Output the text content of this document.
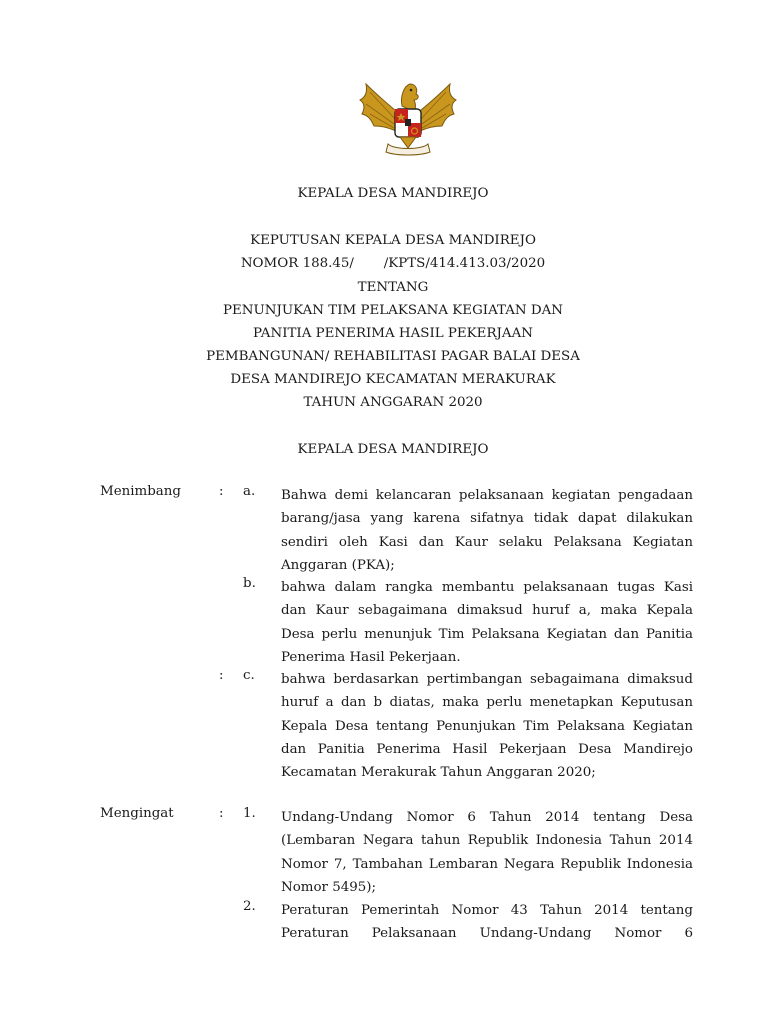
KEPALA DESA MANDIREJO
KEPUTUSAN KEPALA DESA MANDIREJO
NOMOR 188.45/       /KPTS/414.413.03/2020
TENTANG
PENUNJUKAN TIM PELAKSANA KEGIATAN DAN
PANITIA PENERIMA HASIL PEKERJAAN
PEMBANGUNAN/ REHABILITASI PAGAR BALAI DESA
DESA MANDIREJO KECAMATAN MERAKURAK
TAHUN ANGGARAN 2020
KEPALA DESA MANDIREJO
Menimbang	: a. Bahwa demi kelancaran pelaksanaan kegiatan pengadaan barang/jasa yang karena sifatnya tidak dapat dilakukan sendiri oleh Kasi dan Kaur selaku Pelaksana Kegiatan Anggaran (PKA);
b. bahwa dalam rangka membantu pelaksanaan tugas Kasi dan Kaur sebagaimana dimaksud huruf a, maka Kepala Desa perlu menunjuk Tim Pelaksana Kegiatan dan Panitia Penerima Hasil Pekerjaan.
: c. bahwa berdasarkan pertimbangan sebagaimana dimaksud huruf a dan b diatas, maka perlu menetapkan Keputusan Kepala Desa tentang Penunjukan Tim Pelaksana Kegiatan dan Panitia Penerima Hasil Pekerjaan Desa Mandirejo Kecamatan Merakurak Tahun Anggaran 2020;
Mengingat	: 1. Undang-Undang Nomor 6 Tahun 2014 tentang Desa (Lembaran Negara tahun Republik Indonesia Tahun 2014 Nomor 7, Tambahan Lembaran Negara Republik Indonesia Nomor 5495);
2. Peraturan Pemerintah Nomor 43 Tahun 2014 tentang Peraturan Pelaksanaan Undang-Undang Nomor 6
